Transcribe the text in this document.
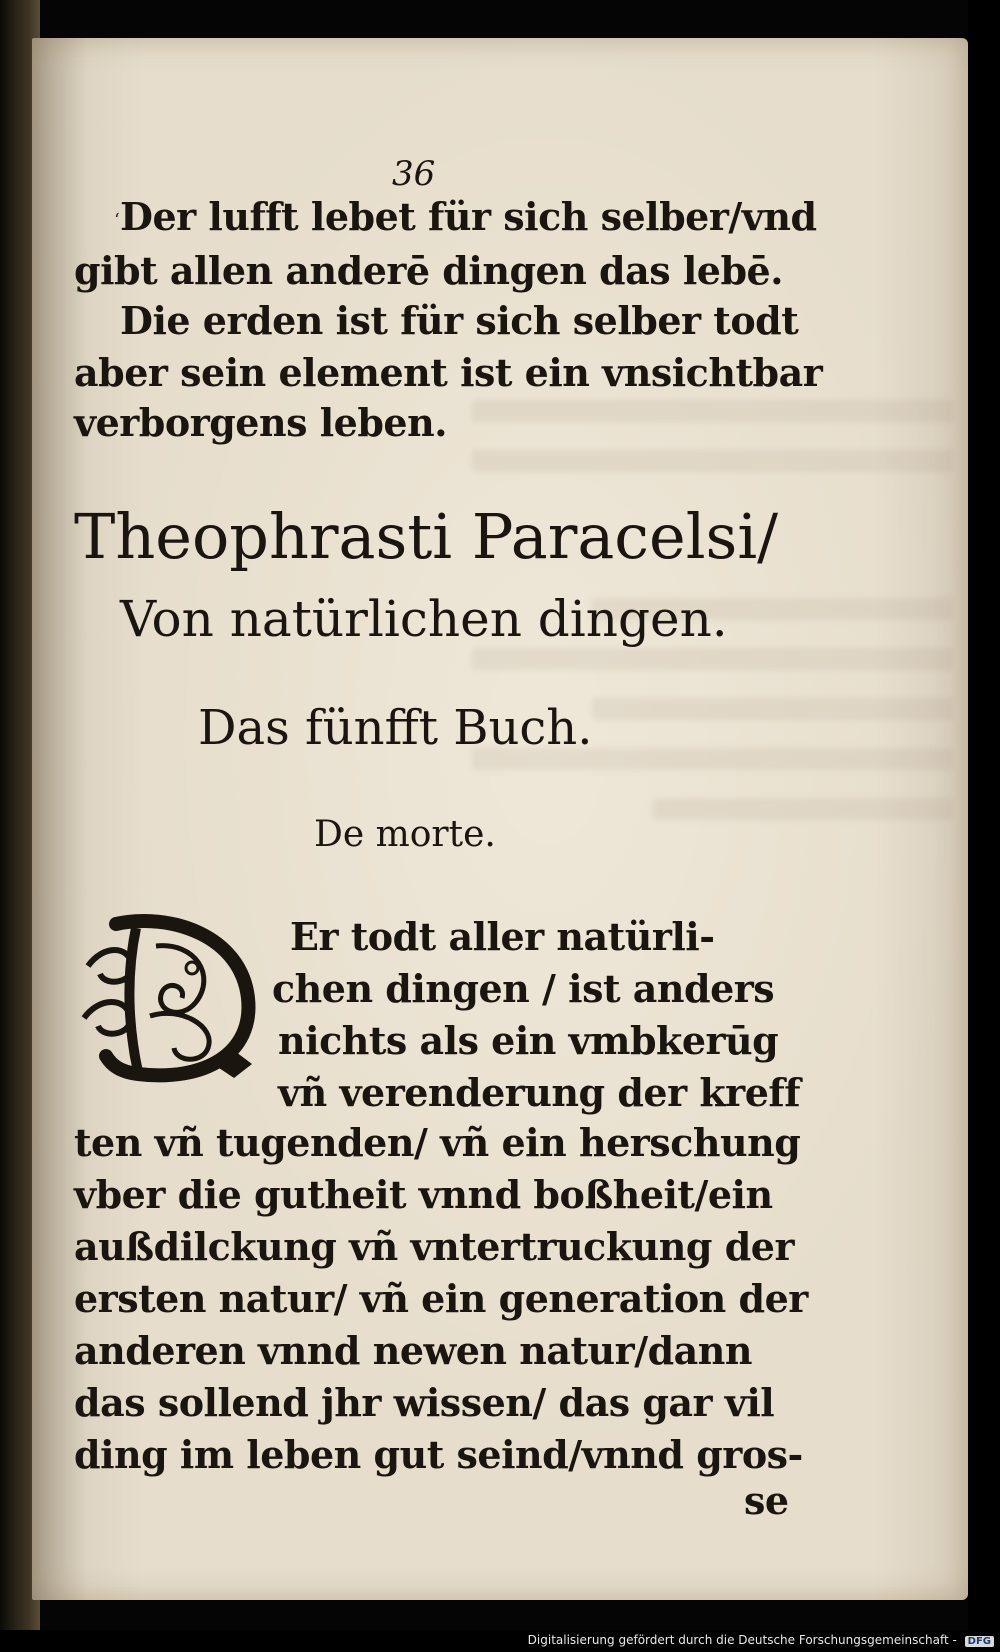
36
‘ Der lufft lebet für sich selber/vnd
gibt allen anderē dingen das lebē.
Die erden ist für sich selber todt
aber sein element ist ein vnsichtbar
verborgens leben.
Theophrasti Paracelsi/
Von natürlichen dingen.
Das fünfft Buch.
De morte.
Er todt aller natürli-
chen dingen / ist anders
nichts als ein vmbkerūg
vñ verenderung der kreff
ten vñ tugenden/ vñ ein herschung
vber die gutheit vnnd boßheit/ein
außdilckung vñ vntertruckung der
ersten natur/ vñ ein generation der
anderen vnnd newen natur/dann
das sollend jhr wissen/ das gar vil
ding im leben gut seind/vnnd gros-
se
Digitalisierung gefördert durch die Deutsche Forschungsgemeinschaft - DFG
